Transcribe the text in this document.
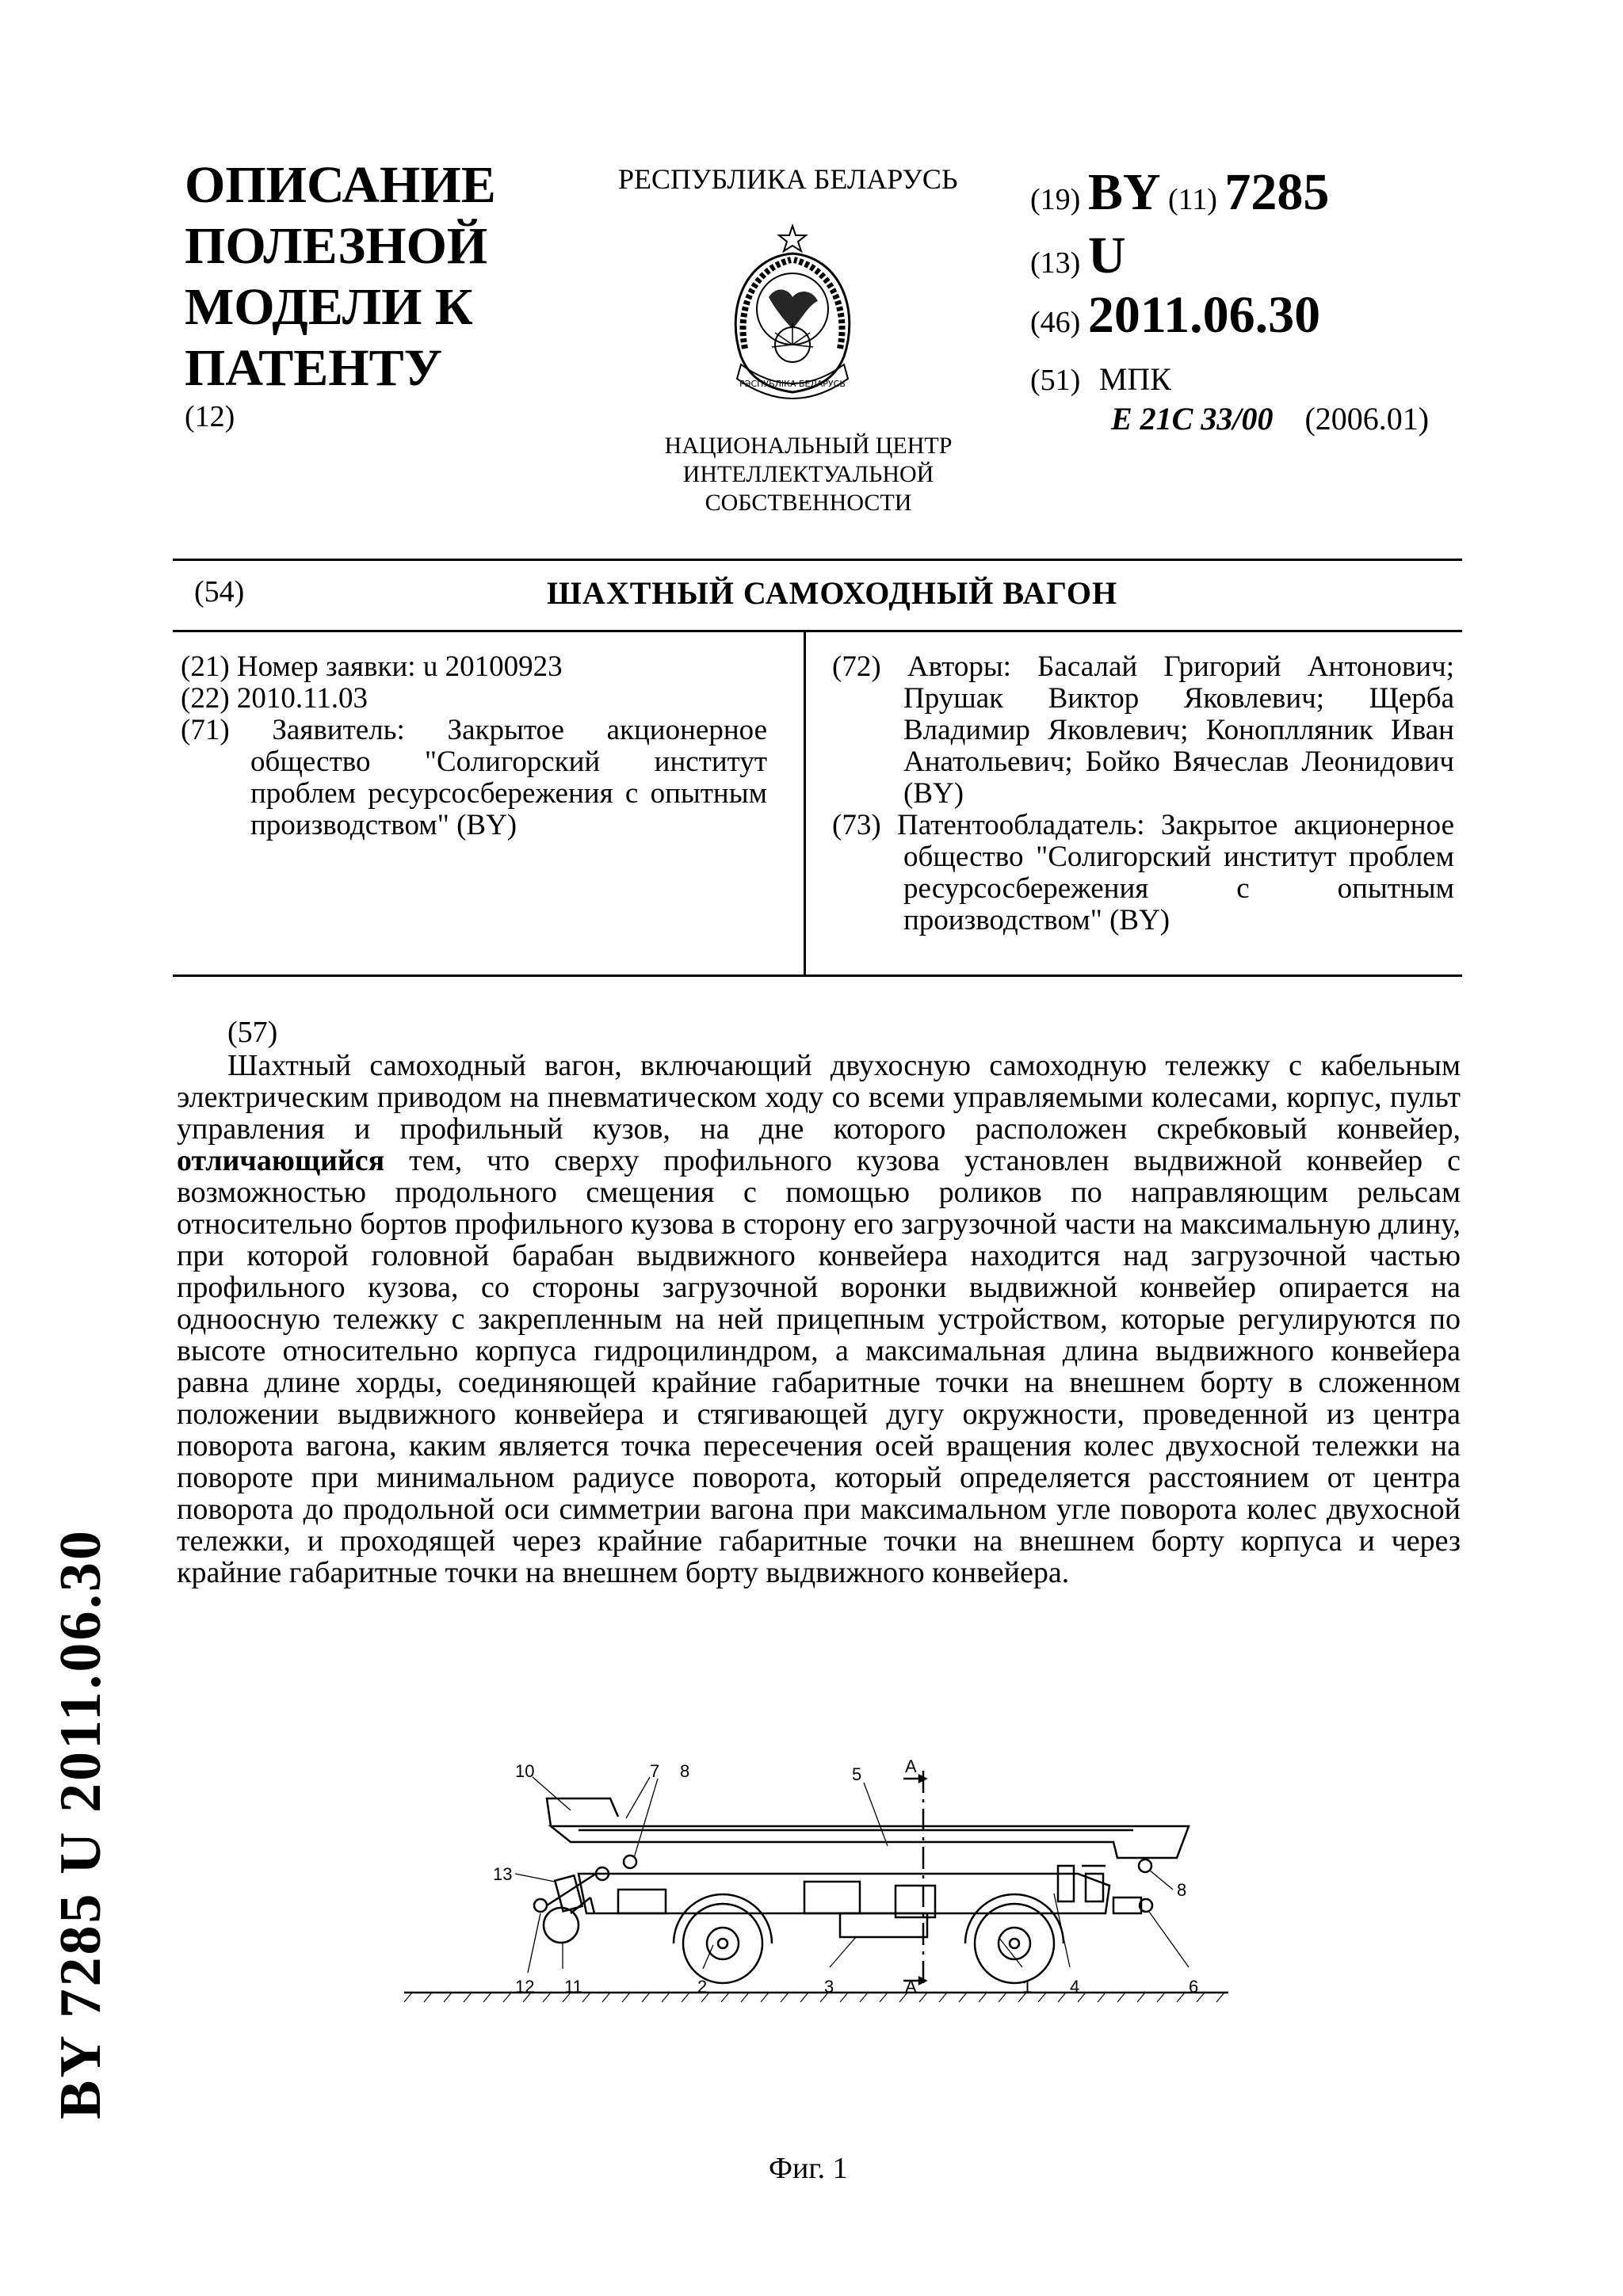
ОПИСАНИЕ
ПОЛЕЗНОЙ
МОДЕЛИ К
ПАТЕНТУ
(12)
РЕСПУБЛИКА БЕЛАРУСЬ
РЭСПУБЛІКА БЕЛАРУСЬ
НАЦИОНАЛЬНЫЙ ЦЕНТР
ИНТЕЛЛЕКТУАЛЬНОЙ
СОБСТВЕННОСТИ
(19) BY (11) 7285
(13) U
(46) 2011.06.30
(51) МПК
E 21C 33/00 (2006.01)
(54)	ШАХТНЫЙ САМОХОДНЫЙ ВАГОН

(21) Номер заявки: u 20100923

(22) 2010.11.03

(71) Заявитель: Закрытое акционерное общество "Солигорский институт проблем ресурсосбережения с опытным производством" (BY)

(72) Авторы: Басалай Григорий Антонович; Прушак Виктор Яковлевич; Щерба Владимир Яковлевич; Коноплляник Иван Анатольевич; Бойко Вячеслав Леонидович (BY)

(73) Патентообладатель: Закрытое акционерное общество "Солигорский институт проблем ресурсосбережения с опытным производством" (BY)

(57)

Шахтный самоходный вагон, включающий двухосную самоходную тележку с кабельным электрическим приводом на пневматическом ходу со всеми управляемыми колесами, корпус, пульт управления и профильный кузов, на дне которого расположен скребковый конвейер, отличающийся тем, что сверху профильного кузова установлен выдвижной конвейер с возможностью продольного смещения с помощью роликов по направляющим рельсам относительно бортов профильного кузова в сторону его загрузочной части на максимальную длину, при которой головной барабан выдвижного конвейера находится над загрузочной частью профильного кузова, со стороны загрузочной воронки выдвижной конвейер опирается на одноосную тележку с закрепленным на ней прицепным устройством, которые регулируются по высоте относительно корпуса гидроцилиндром, а максимальная длина выдвижного конвейера равна длине хорды, соединяющей крайние габаритные точки на внешнем борту в сложенном положении выдвижного конвейера и стягивающей дугу окружности, проведенной из центра поворота вагона, каким является точка пересечения осей вращения колес двухосной тележки на повороте при минимальном радиусе поворота, который определяется расстоянием от центра поворота до продольной оси симметрии вагона при максимальном угле поворота колес двухосной тележки, и проходящей через крайние габаритные точки на внешнем борту корпуса и через крайние габаритные точки на внешнем борту выдвижного конвейера.

10	7 8	5 А
13
8
12 11	2	3	А	1 4	6
Фиг. 1
BY 7285 U 2011.06.30
